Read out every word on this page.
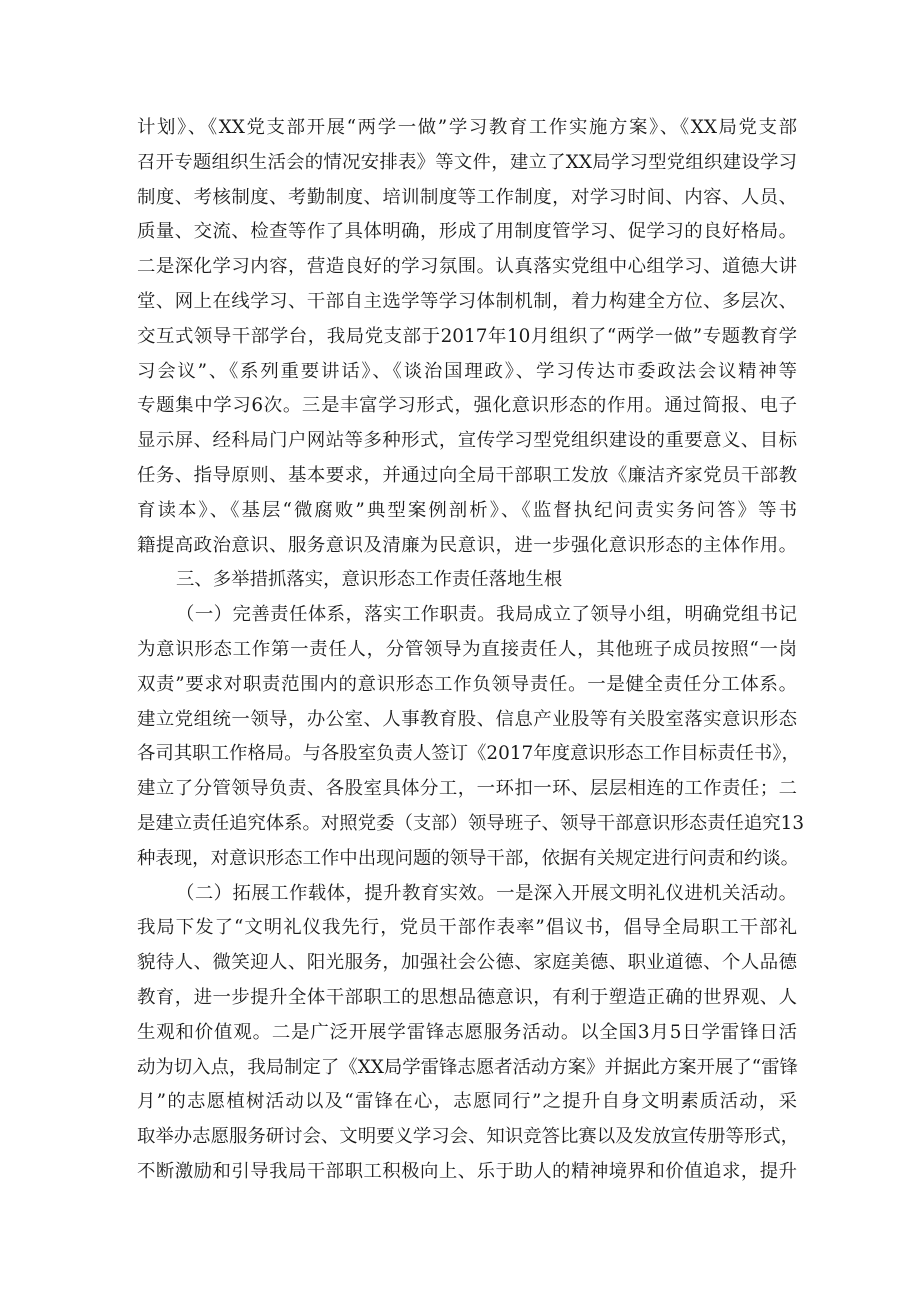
计划》、《XX党支部开展“两学一做”学习教育工作实施方案》、《XX局党支部
召开专题组织生活会的情况安排表》等文件，建立了XX局学习型党组织建设学习
制度、考核制度、考勤制度、培训制度等工作制度，对学习时间、内容、人员、
质量、交流、检查等作了具体明确，形成了用制度管学习、促学习的良好格局。
二是深化学习内容，营造良好的学习氛围。认真落实党组中心组学习、道德大讲
堂、网上在线学习、干部自主选学等学习体制机制，着力构建全方位、多层次、
交互式领导干部学台，我局党支部于2017年10月组织了“两学一做”专题教育学
习会议”、《系列重要讲话》、《谈治国理政》、学习传达市委政法会议精神等
专题集中学习6次。三是丰富学习形式，强化意识形态的作用。通过简报、电子
显示屏、经科局门户网站等多种形式，宣传学习型党组织建设的重要意义、目标
任务、指导原则、基本要求，并通过向全局干部职工发放《廉洁齐家党员干部教
育读本》、《基层“微腐败”典型案例剖析》、《监督执纪问责实务问答》等书
籍提高政治意识、服务意识及清廉为民意识，进一步强化意识形态的主体作用。
三、多举措抓落实，意识形态工作责任落地生根
（一）完善责任体系，落实工作职责。我局成立了领导小组，明确党组书记
为意识形态工作第一责任人，分管领导为直接责任人，其他班子成员按照“一岗
双责”要求对职责范围内的意识形态工作负领导责任。一是健全责任分工体系。
建立党组统一领导，办公室、人事教育股、信息产业股等有关股室落实意识形态
各司其职工作格局。与各股室负责人签订《2017年度意识形态工作目标责任书》，
建立了分管领导负责、各股室具体分工，一环扣一环、层层相连的工作责任；二
是建立责任追究体系。对照党委（支部）领导班子、领导干部意识形态责任追究13
种表现，对意识形态工作中出现问题的领导干部，依据有关规定进行问责和约谈。
（二）拓展工作载体，提升教育实效。一是深入开展文明礼仪进机关活动。
我局下发了“文明礼仪我先行，党员干部作表率”倡议书，倡导全局职工干部礼
貌待人、微笑迎人、阳光服务，加强社会公德、家庭美德、职业道德、个人品德
教育，进一步提升全体干部职工的思想品德意识，有利于塑造正确的世界观、人
生观和价值观。二是广泛开展学雷锋志愿服务活动。以全国3月5日学雷锋日活
动为切入点，我局制定了《XX局学雷锋志愿者活动方案》并据此方案开展了“雷锋
月”的志愿植树活动以及“雷锋在心，志愿同行”之提升自身文明素质活动，采
取举办志愿服务研讨会、文明要义学习会、知识竞答比赛以及发放宣传册等形式，
不断激励和引导我局干部职工积极向上、乐于助人的精神境界和价值追求，提升
